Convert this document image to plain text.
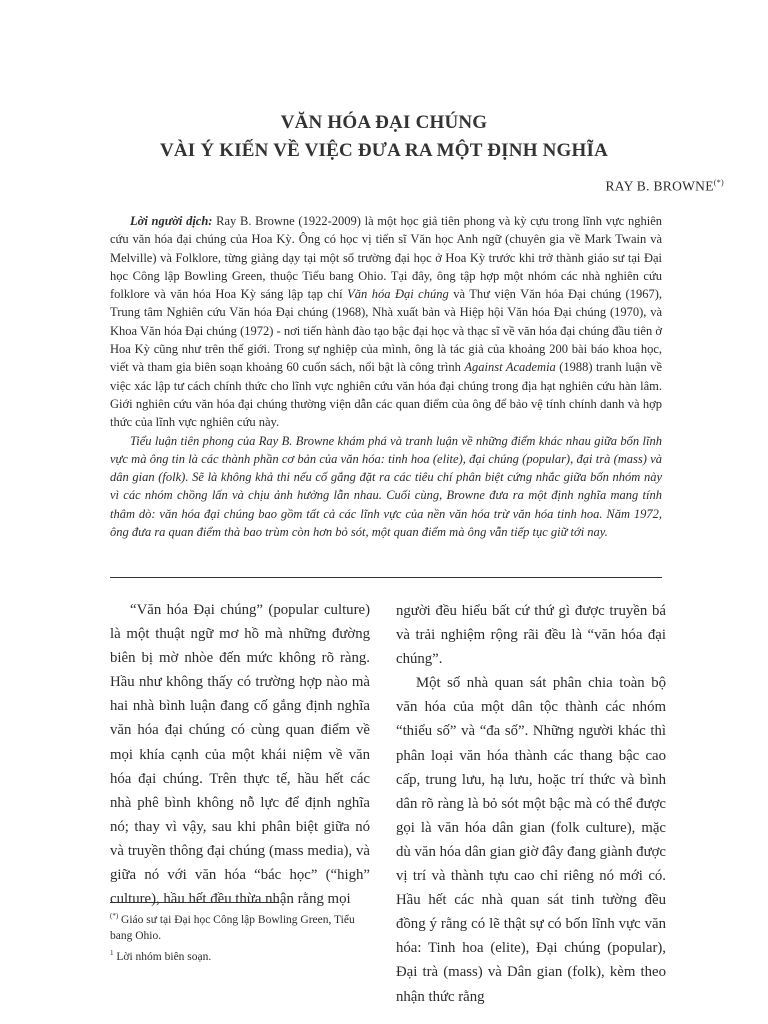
VĂN HÓA ĐẠI CHÚNG
VÀI Ý KIẾN VỀ VIỆC ĐƯA RA MỘT ĐỊNH NGHĨA
RAY B. BROWNE(*)

Lời người dịch: Ray B. Browne (1922-2009) là một học giả tiên phong và kỳ cựu trong lĩnh vực nghiên cứu văn hóa đại chúng của Hoa Kỳ. Ông có học vị tiến sĩ Văn học Anh ngữ (chuyên gia về Mark Twain và Melville) và Folklore, từng giảng dạy tại một số trường đại học ở Hoa Kỳ trước khi trở thành giáo sư tại Đại học Công lập Bowling Green, thuộc Tiểu bang Ohio. Tại đây, ông tập hợp một nhóm các nhà nghiên cứu folklore và văn hóa Hoa Kỳ sáng lập tạp chí Văn hóa Đại chúng và Thư viện Văn hóa Đại chúng (1967), Trung tâm Nghiên cứu Văn hóa Đại chúng (1968), Nhà xuất bản và Hiệp hội Văn hóa Đại chúng (1970), và Khoa Văn hóa Đại chúng (1972) - nơi tiến hành đào tạo bậc đại học và thạc sĩ về văn hóa đại chúng đầu tiên ở Hoa Kỳ cũng như trên thế giới. Trong sự nghiệp của mình, ông là tác giả của khoảng 200 bài báo khoa học, viết và tham gia biên soạn khoảng 60 cuốn sách, nổi bật là công trình Against Academia (1988) tranh luận về việc xác lập tư cách chính thức cho lĩnh vực nghiên cứu văn hóa đại chúng trong địa hạt nghiên cứu hàn lâm. Giới nghiên cứu văn hóa đại chúng thường viện dẫn các quan điểm của ông để bảo vệ tính chính danh và hợp thức của lĩnh vực nghiên cứu này.

Tiểu luận tiên phong của Ray B. Browne khám phá và tranh luận về những điểm khác nhau giữa bốn lĩnh vực mà ông tin là các thành phần cơ bản của văn hóa: tinh hoa (elite), đại chúng (popular), đại trà (mass) và dân gian (folk). Sẽ là không khả thi nếu cố gắng đặt ra các tiêu chí phân biệt cứng nhắc giữa bốn nhóm này vì các nhóm chồng lấn và chịu ảnh hưởng lẫn nhau. Cuối cùng, Browne đưa ra một định nghĩa mang tính thâm dò: văn hóa đại chúng bao gồm tất cả các lĩnh vực của nền văn hóa trừ văn hóa tinh hoa. Năm 1972, ông đưa ra quan điểm thà bao trùm còn hơn bỏ sót, một quan điểm mà ông vẫn tiếp tục giữ tới nay.

“Văn hóa Đại chúng” (popular culture) là một thuật ngữ mơ hồ mà những đường biên bị mờ nhòe đến mức không rõ ràng. Hầu như không thấy có trường hợp nào mà hai nhà bình luận đang cố gắng định nghĩa văn hóa đại chúng có cùng quan điểm về mọi khía cạnh của một khái niệm về văn hóa đại chúng. Trên thực tế, hầu hết các nhà phê bình không nỗ lực để định nghĩa nó; thay vì vậy, sau khi phân biệt giữa nó và truyền thông đại chúng (mass media), và giữa nó với văn hóa “bác học” (“high” culture), hầu hết đều thừa nhận rằng mọi

người đều hiểu bất cứ thứ gì được truyền bá và trải nghiệm rộng rãi đều là “văn hóa đại chúng”.

Một số nhà quan sát phân chia toàn bộ văn hóa của một dân tộc thành các nhóm “thiểu số” và “đa số”. Những người khác thì phân loại văn hóa thành các thang bậc cao cấp, trung lưu, hạ lưu, hoặc trí thức và bình dân rõ ràng là bỏ sót một bậc mà có thể được gọi là văn hóa dân gian (folk culture), mặc dù văn hóa dân gian giờ đây đang giành được vị trí và thành tựu cao chỉ riêng nó mới có. Hầu hết các nhà quan sát tinh tường đều đồng ý rằng có lẽ thật sự có bốn lĩnh vực văn hóa: Tinh hoa (elite), Đại chúng (popular), Đại trà (mass) và Dân gian (folk), kèm theo nhận thức rằng

(*) Giáo sư tại Đại học Công lập Bowling Green, Tiểu bang Ohio.
$^1$ Lời nhóm biên soạn.
